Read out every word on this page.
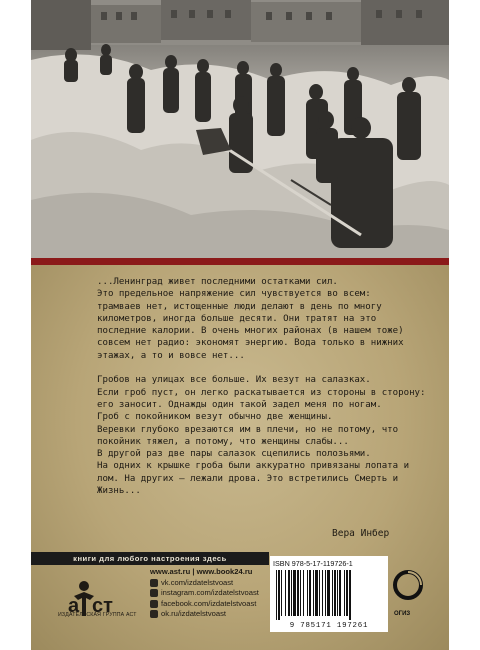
...Ленинград живет последними остатками сил.
Это предельное напряжение сил чувствуется во всем:
трамваев нет, истощенные люди делают в день по многу
километров, иногда больше десяти. Они тратят на это
последние калории. В очень многих районах (в нашем тоже)
совсем нет радио: экономят энергию. Вода только в нижних
этажах, а то и вовсе нет...

Гробов на улицах все больше. Их везут на салазках.
Если гроб пуст, он легко раскатывается из стороны в сторону:
его заносит. Однажды один такой задел меня по ногам.
Гроб с покойником везут обычно две женщины.
Веревки глубоко врезаются им в плечи, но не потому, что
покойник тяжел, а потому, что женщины слабы...
В другой раз две пары салазок сцепились полозьями.
На одних к крышке гроба были аккуратно привязаны лопата и
лом. На других — лежали дрова. Это встретились Смерть и
Жизнь...
Вера Инбер
книги для любого настроения здесь
а ст
ИЗДАТЕЛЬСКАЯ ГРУППА АСТ
www.ast.ru | www.book24.ru
vk.com/izdatelstvoast
instagram.com/izdatelstvoast
facebook.com/izdatelstvoast
ok.ru/izdatelstvoast
ISBN 978-5-17-119726-1
9 785171 197261
ОГИЗ
